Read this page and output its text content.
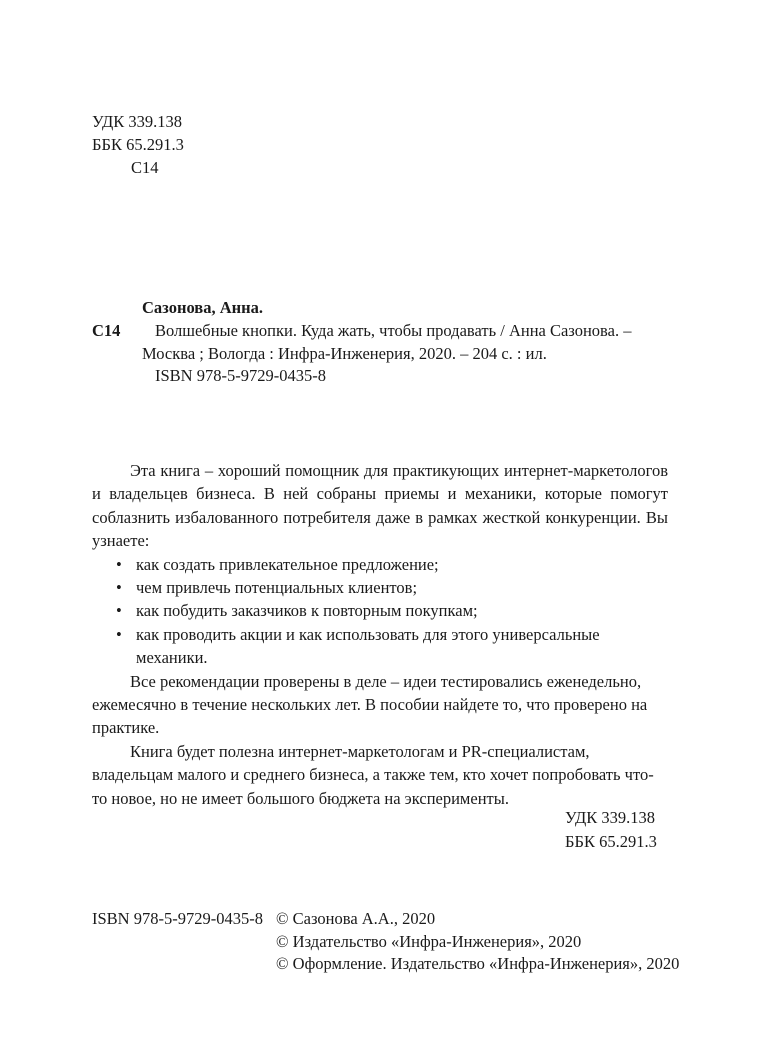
УДК 339.138
ББК 65.291.3
С14
Сазонова, Анна.
С14 Волшебные кнопки. Куда жать, чтобы продавать / Анна Сазонова. –
Москва ; Вологда : Инфра-Инженерия, 2020. – 204 с. : ил.
ISBN 978-5-9729-0435-8

Эта книга – хороший помощник для практикующих интернет-маркетологов и владельцев бизнеса. В ней собраны приемы и механики, которые помогут соблазнить избалованного потребителя даже в рамках жесткой конкуренции. Вы узнаете:

• как создать привлекательное предложение;
• чем привлечь потенциальных клиентов;
• как побудить заказчиков к повторным покупкам;
• как проводить акции и как использовать для этого универсальные механики.

Все рекомендации проверены в деле – идеи тестировались еженедельно, ежемесячно в течение нескольких лет. В пособии найдете то, что проверено на практике.

Книга будет полезна интернет-маркетологам и PR-специалистам, владельцам малого и среднего бизнеса, а также тем, кто хочет попробовать что-то новое, но не имеет большого бюджета на эксперименты.

УДК 339.138
ББК 65.291.3
ISBN 978-5-9729-0435-8 © Сазонова А.А., 2020
© Издательство «Инфра-Инженерия», 2020
© Оформление. Издательство «Инфра-Инженерия», 2020
